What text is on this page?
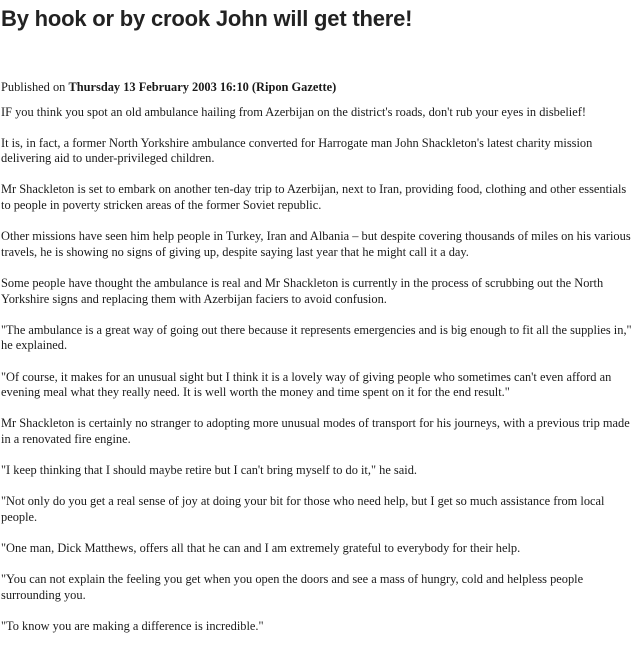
By hook or by crook John will get there!
Published on Thursday 13 February 2003 16:10 (Ripon Gazette)

IF you think you spot an old ambulance hailing from Azerbijan on the district's roads, don't rub your eyes in disbelief!

It is, in fact, a former North Yorkshire ambulance converted for Harrogate man John Shackleton's latest charity mission delivering aid to under-privileged children.

Mr Shackleton is set to embark on another ten-day trip to Azerbijan, next to Iran, providing food, clothing and other essentials to people in poverty stricken areas of the former Soviet republic.

Other missions have seen him help people in Turkey, Iran and Albania – but despite covering thousands of miles on his various travels, he is showing no signs of giving up, despite saying last year that he might call it a day.

Some people have thought the ambulance is real and Mr Shackleton is currently in the process of scrubbing out the North Yorkshire signs and replacing them with Azerbijan faciers to avoid confusion.

"The ambulance is a great way of going out there because it represents emergencies and is big enough to fit all the supplies in," he explained.

"Of course, it makes for an unusual sight but I think it is a lovely way of giving people who sometimes can't even afford an evening meal what they really need. It is well worth the money and time spent on it for the end result."

Mr Shackleton is certainly no stranger to adopting more unusual modes of transport for his journeys, with a previous trip made in a renovated fire engine.

"I keep thinking that I should maybe retire but I can't bring myself to do it," he said.

"Not only do you get a real sense of joy at doing your bit for those who need help, but I get so much assistance from local people.

"One man, Dick Matthews, offers all that he can and I am extremely grateful to everybody for their help.

"You can not explain the feeling you get when you open the doors and see a mass of hungry, cold and helpless people surrounding you.

"To know you are making a difference is incredible."
